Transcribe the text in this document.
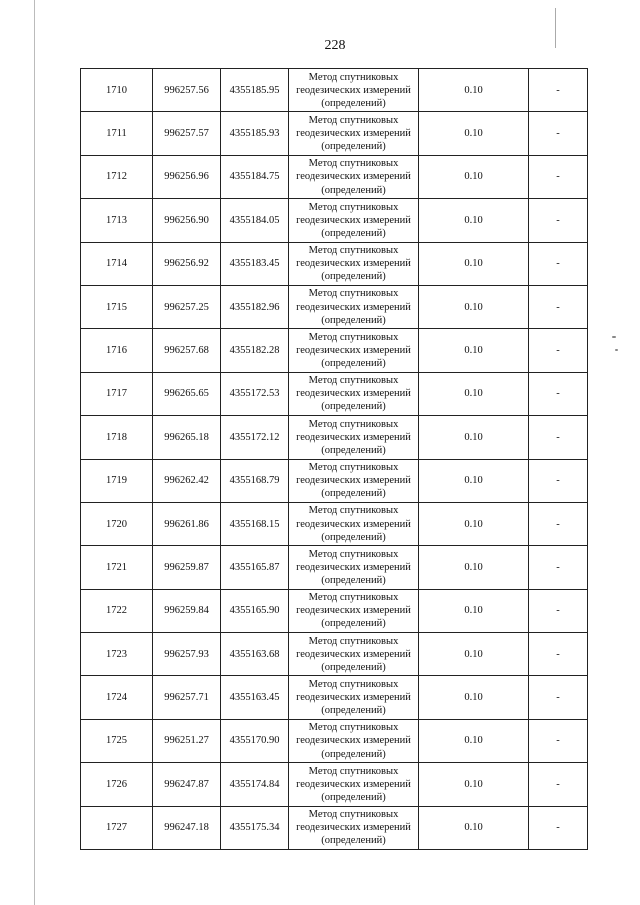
228
1710	996257.56	4355185.95	Метод спутниковых
геодезических измерений
(определений)	0.10	-
1711	996257.57	4355185.93	Метод спутниковых
геодезических измерений
(определений)	0.10	-
1712	996256.96	4355184.75	Метод спутниковых
геодезических измерений
(определений)	0.10	-
1713	996256.90	4355184.05	Метод спутниковых
геодезических измерений
(определений)	0.10	-
1714	996256.92	4355183.45	Метод спутниковых
геодезических измерений
(определений)	0.10	-
1715	996257.25	4355182.96	Метод спутниковых
геодезических измерений
(определений)	0.10	-
1716	996257.68	4355182.28	Метод спутниковых
геодезических измерений
(определений)	0.10	-
1717	996265.65	4355172.53	Метод спутниковых
геодезических измерений
(определений)	0.10	-
1718	996265.18	4355172.12	Метод спутниковых
геодезических измерений
(определений)	0.10	-
1719	996262.42	4355168.79	Метод спутниковых
геодезических измерений
(определений)	0.10	-
1720	996261.86	4355168.15	Метод спутниковых
геодезических измерений
(определений)	0.10	-
1721	996259.87	4355165.87	Метод спутниковых
геодезических измерений
(определений)	0.10	-
1722	996259.84	4355165.90	Метод спутниковых
геодезических измерений
(определений)	0.10	-
1723	996257.93	4355163.68	Метод спутниковых
геодезических измерений
(определений)	0.10	-
1724	996257.71	4355163.45	Метод спутниковых
геодезических измерений
(определений)	0.10	-
1725	996251.27	4355170.90	Метод спутниковых
геодезических измерений
(определений)	0.10	-
1726	996247.87	4355174.84	Метод спутниковых
геодезических измерений
(определений)	0.10	-
1727	996247.18	4355175.34	Метод спутниковых
геодезических измерений
(определений)	0.10	-
